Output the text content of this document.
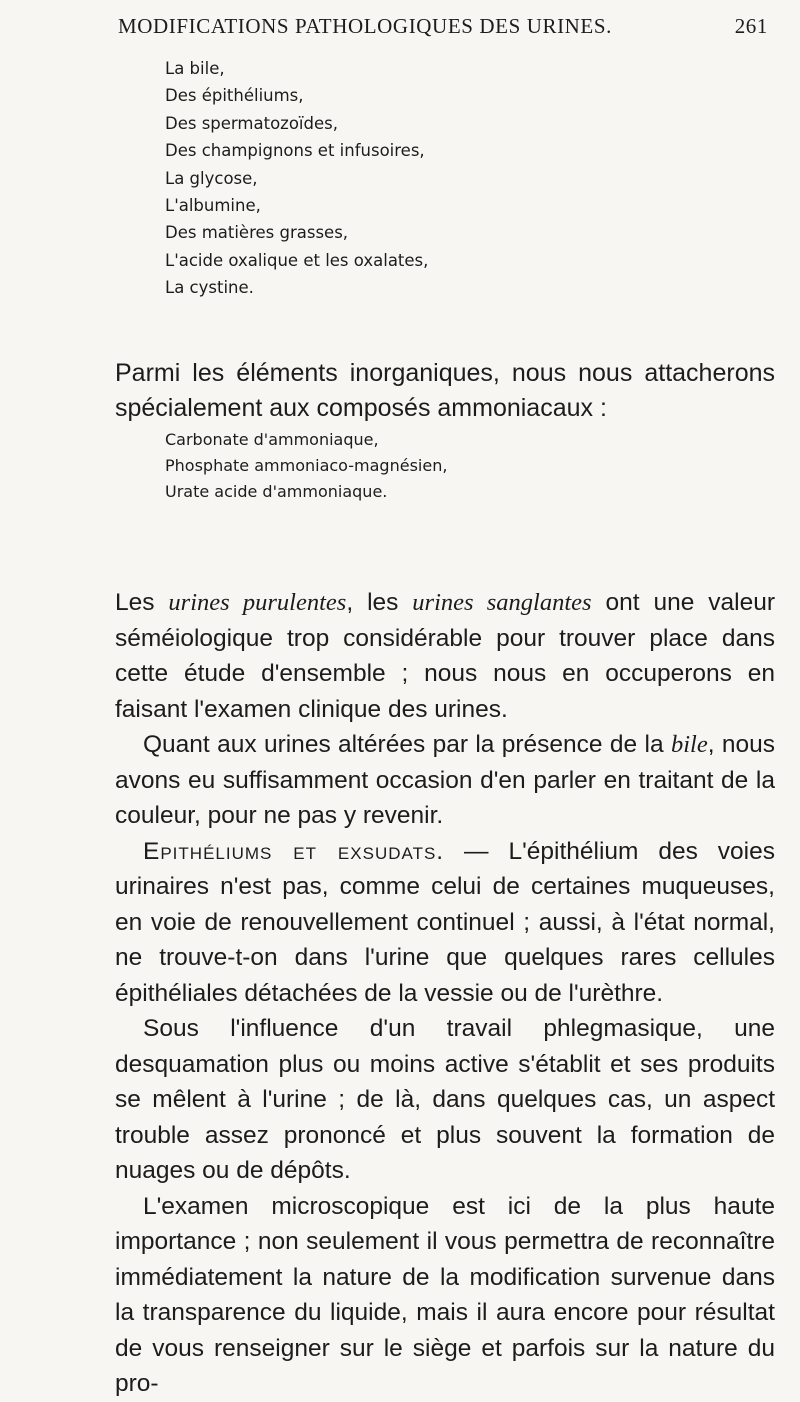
MODIFICATIONS PATHOLOGIQUES DES URINES.	261
La bile,
Des épithéliums,
Des spermatozoïdes,
Des champignons et infusoires,
La glycose,
L'albumine,
Des matières grasses,
L'acide oxalique et les oxalates,
La cystine.

Parmi les éléments inorganiques, nous nous attacherons spécialement aux composés ammoniacaux :

Carbonate d'ammoniaque,
Phosphate ammoniaco-magnésien,
Urate acide d'ammoniaque.

Les urines purulentes, les urines sanglantes ont une valeur séméiologique trop considérable pour trouver place dans cette étude d'ensemble ; nous nous en occuperons en faisant l'examen clinique des urines.

Quant aux urines altérées par la présence de la bile, nous avons eu suffisamment occasion d'en parler en traitant de la couleur, pour ne pas y revenir.

Epithéliums et exsudats. — L'épithélium des voies urinaires n'est pas, comme celui de certaines muqueuses, en voie de renouvellement continuel ; aussi, à l'état normal, ne trouve-t-on dans l'urine que quelques rares cellules épithéliales détachées de la vessie ou de l'urèthre.

Sous l'influence d'un travail phlegmasique, une desquamation plus ou moins active s'établit et ses produits se mêlent à l'urine ; de là, dans quelques cas, un aspect trouble assez prononcé et plus souvent la formation de nuages ou de dépôts.

L'examen microscopique est ici de la plus haute importance ; non seulement il vous permettra de reconnaître immédiatement la nature de la modification survenue dans la transparence du liquide, mais il aura encore pour résultat de vous renseigner sur le siège et parfois sur la nature du pro-
